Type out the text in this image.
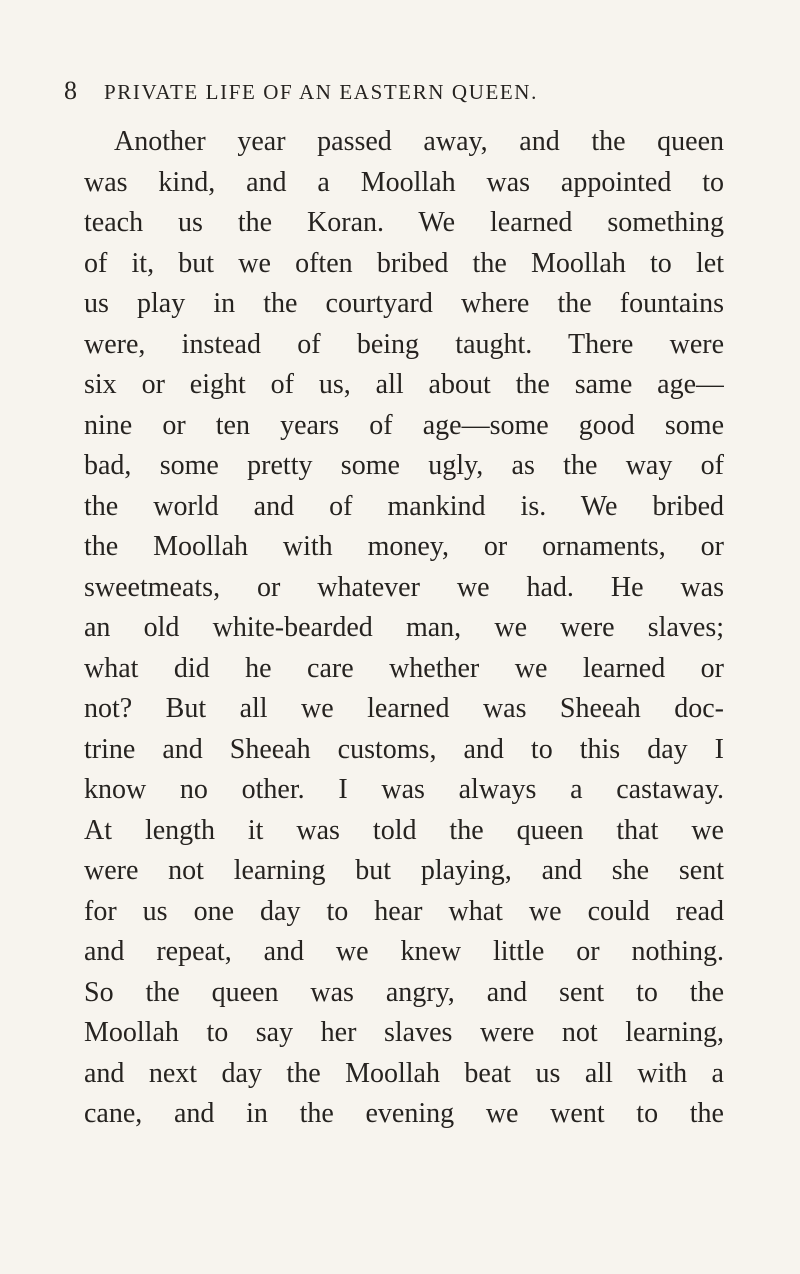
8 PRIVATE LIFE OF AN EASTERN QUEEN.
Another year passed away, and the queen
was kind, and a Moollah was appointed to
teach us the Koran. We learned something
of it, but we often bribed the Moollah to let
us play in the courtyard where the fountains
were, instead of being taught. There were
six or eight of us, all about the same age—
nine or ten years of age—some good some
bad, some pretty some ugly, as the way of
the world and of mankind is. We bribed
the Moollah with money, or ornaments, or
sweetmeats, or whatever we had. He was
an old white-bearded man, we were slaves;
what did he care whether we learned or
not? But all we learned was Sheeah doc-
trine and Sheeah customs, and to this day I
know no other. I was always a castaway.
At length it was told the queen that we
were not learning but playing, and she sent
for us one day to hear what we could read
and repeat, and we knew little or nothing.
So the queen was angry, and sent to the
Moollah to say her slaves were not learning,
and next day the Moollah beat us all with a
cane, and in the evening we went to the
